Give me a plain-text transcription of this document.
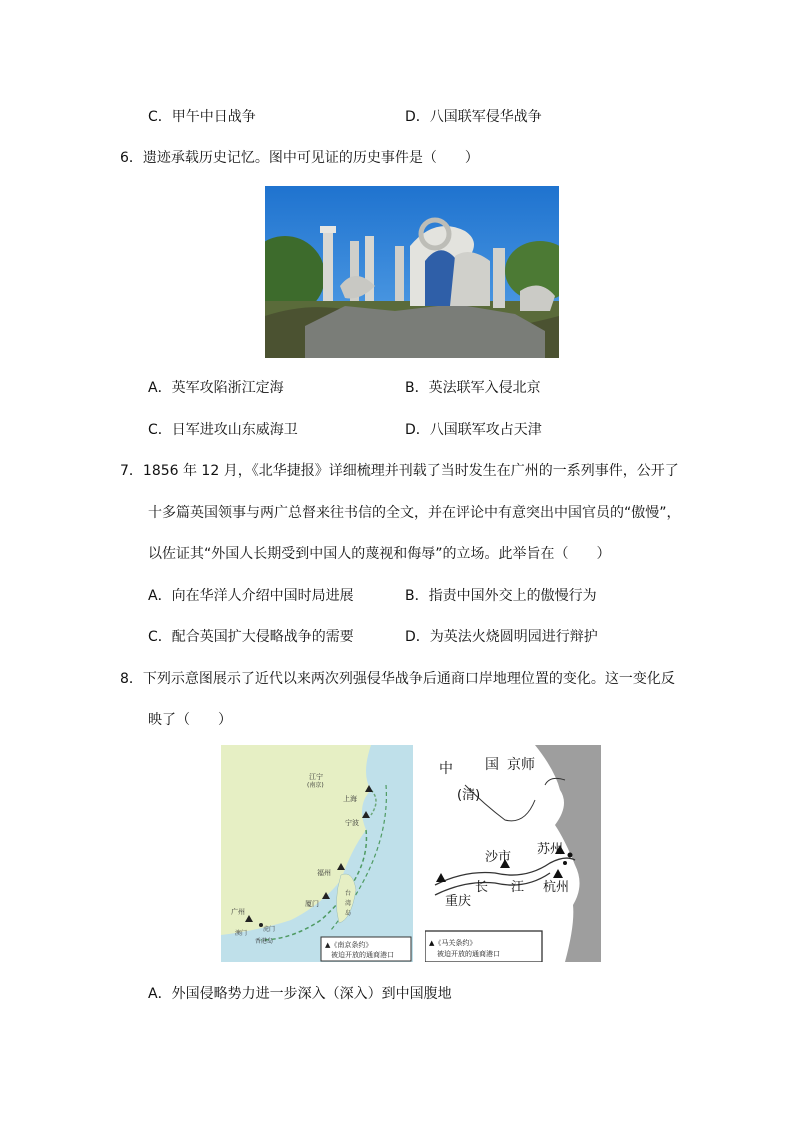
C．甲午中日战争	D．八国联军侵华战争
6．遗迹承载历史记忆。图中可见证的历史事件是（　　）
A．英军攻陷浙江定海	B．英法联军入侵北京
C．日军进攻山东威海卫	D．八国联军攻占天津
7．1856 年 12 月，《北华捷报》详细梳理并刊载了当时发生在广州的一系列事件，公开了
十多篇英国领事与两广总督来往书信的全文，并在评论中有意突出中国官员的“傲慢”，
以佐证其“外国人长期受到中国人的蔑视和侮辱”的立场。此举旨在（　　）
A．向在华洋人介绍中国时局进展	B．指责中国外交上的傲慢行为
C．配合英国扩大侵略战争的需要	D．为英法火烧圆明园进行辩护
8．下列示意图展示了近代以来两次列强侵华战争后通商口岸地理位置的变化。这一变化反
映了（　　）
江宁
(南京)
上海
宁波
福州
厦门
广州
虎门
澳门
香港岛
台
湾
岛
▲《南京条约》
被迫开放的通商港口
中 国 京师
(清)
沙市
苏州
长 江
重庆
杭州
▲《马关条约》
被迫开放的通商港口
A．外国侵略势力进一步深入（深入）到中国腹地
